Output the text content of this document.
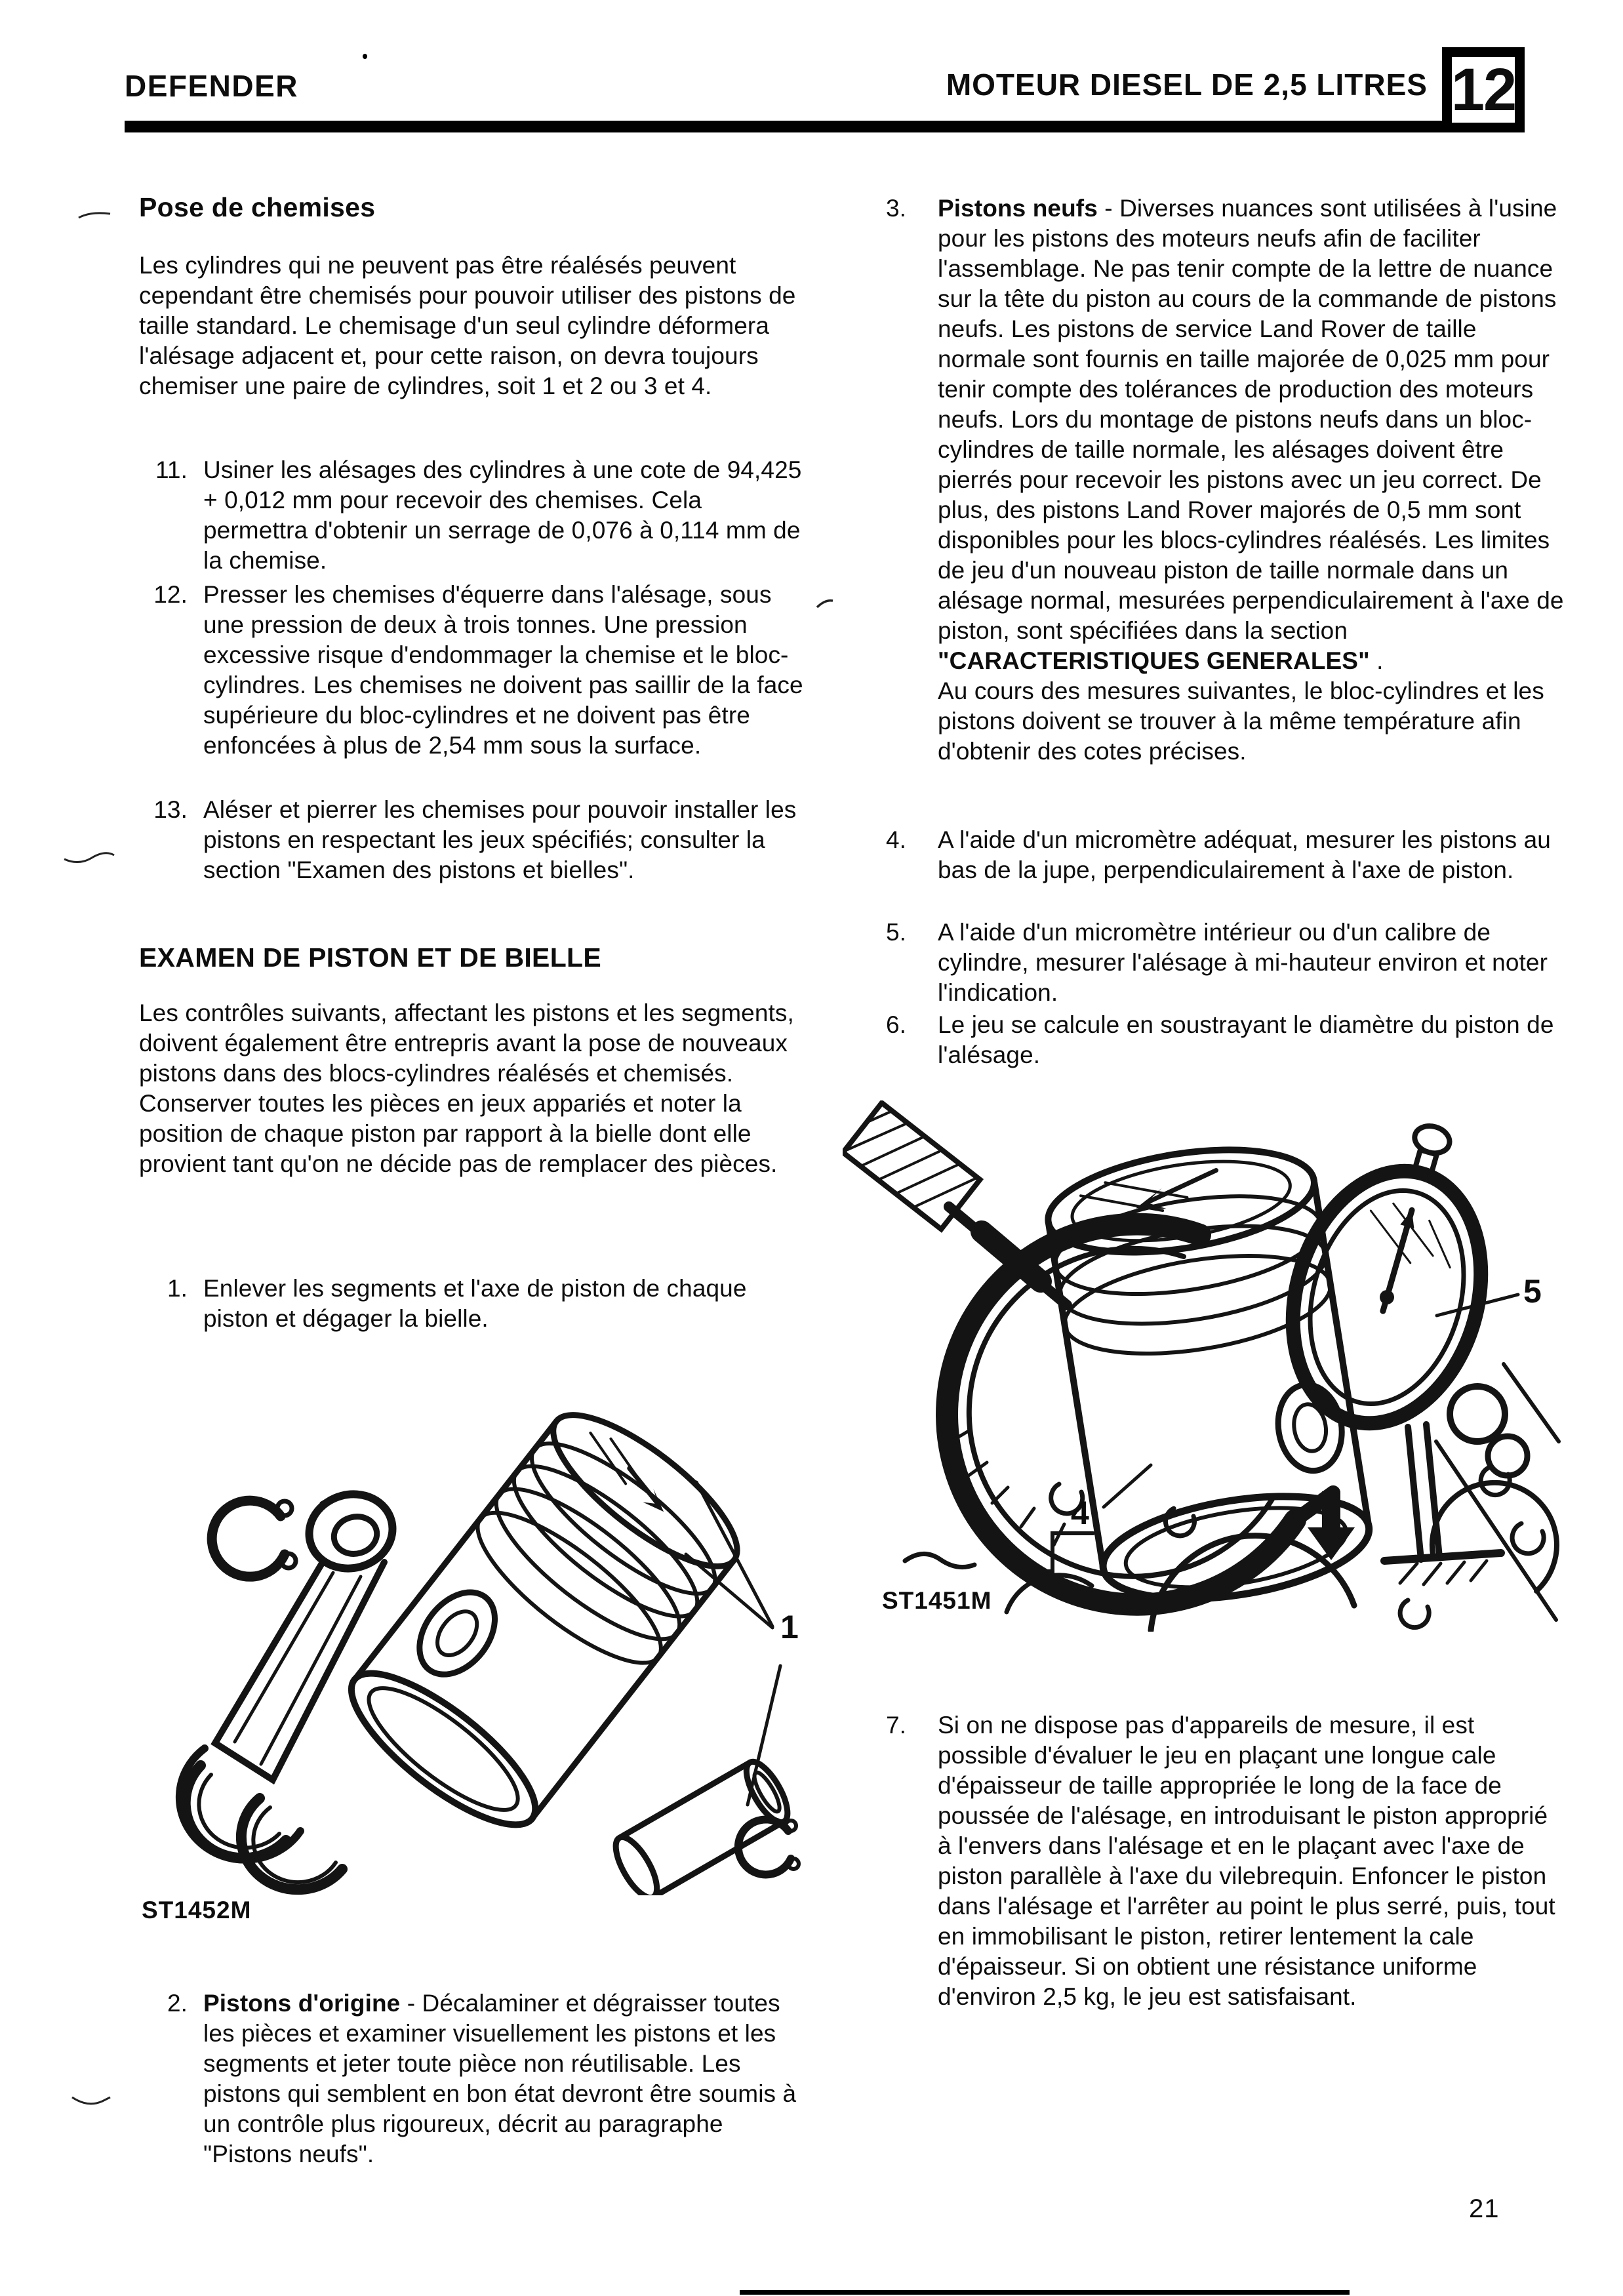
DEFENDER	MOTEUR DIESEL DE 2,5 LITRES 12
Pose de chemises
Les cylindres qui ne peuvent pas être réalésés peuvent cependant être chemisés pour pouvoir utiliser des pistons de taille standard. Le chemisage d'un seul cylindre déformera l'alésage adjacent et, pour cette raison, on devra toujours chemiser une paire de cylindres, soit 1 et 2 ou 3 et 4.
11. Usiner les alésages des cylindres à une cote de 94,425 + 0,012 mm pour recevoir des chemises. Cela permettra d'obtenir un serrage de 0,076 à 0,114 mm de la chemise.
12. Presser les chemises d'équerre dans l'alésage, sous une pression de deux à trois tonnes. Une pression excessive risque d'endommager la chemise et le bloc-cylindres. Les chemises ne doivent pas saillir de la face supérieure du bloc-cylindres et ne doivent pas être enfoncées à plus de 2,54 mm sous la surface.
13. Aléser et pierrer les chemises pour pouvoir installer les pistons en respectant les jeux spécifiés; consulter la section "Examen des pistons et bielles".
EXAMEN DE PISTON ET DE BIELLE
Les contrôles suivants, affectant les pistons et les segments, doivent également être entrepris avant la pose de nouveaux pistons dans des blocs-cylindres réalésés et chemisés.
Conserver toutes les pièces en jeux appariés et noter la position de chaque piston par rapport à la bielle dont elle provient tant qu'on ne décide pas de remplacer des pièces.
1. Enlever les segments et l'axe de piston de chaque piston et dégager la bielle.
1
ST1452M
2. Pistons d'origine - Décalaminer et dégraisser toutes les pièces et examiner visuellement les pistons et les segments et jeter toute pièce non réutilisable. Les pistons qui semblent en bon état devront être soumis à un contrôle plus rigoureux, décrit au paragraphe "Pistons neufs".
3.	Pistons neufs - Diverses nuances sont utilisées à l'usine pour les pistons des moteurs neufs afin de faciliter l'assemblage. Ne pas tenir compte de la lettre de nuance sur la tête du piston au cours de la commande de pistons neufs. Les pistons de service Land Rover de taille normale sont fournis en taille majorée de 0,025 mm pour tenir compte des tolérances de production des moteurs neufs. Lors du montage de pistons neufs dans un bloc-cylindres de taille normale, les alésages doivent être pierrés pour recevoir les pistons avec un jeu correct. De plus, des pistons Land Rover majorés de 0,5 mm sont disponibles pour les blocs-cylindres réalésés. Les limites de jeu d'un nouveau piston de taille normale dans un alésage normal, mesurées perpendiculairement à l'axe de piston, sont spécifiées dans la section "CARACTERISTIQUES GENERALES" .
Au cours des mesures suivantes, le bloc-cylindres et les pistons doivent se trouver à la même température afin d'obtenir des cotes précises.
4.	A l'aide d'un micromètre adéquat, mesurer les pistons au bas de la jupe, perpendiculairement à l'axe de piston.
5.	A l'aide d'un micromètre intérieur ou d'un calibre de cylindre, mesurer l'alésage à mi-hauteur environ et noter l'indication.
6.	Le jeu se calcule en soustrayant le diamètre du piston de l'alésage.
4
5
ST1451M
7.	Si on ne dispose pas d'appareils de mesure, il est possible d'évaluer le jeu en plaçant une longue cale d'épaisseur de taille appropriée le long de la face de poussée de l'alésage, en introduisant le piston approprié à l'envers dans l'alésage et en le plaçant avec l'axe de piston parallèle à l'axe du vilebrequin. Enfoncer le piston dans l'alésage et l'arrêter au point le plus serré, puis, tout en immobilisant le piston, retirer lentement la cale d'épaisseur. Si on obtient une résistance uniforme d'environ 2,5 kg, le jeu est satisfaisant.
21
